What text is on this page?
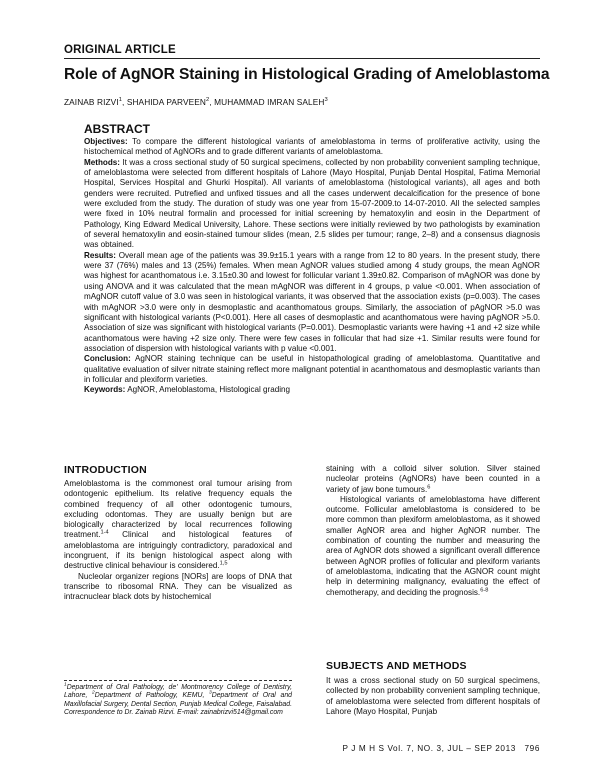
ORIGINAL ARTICLE
Role of AgNOR Staining in Histological Grading of Ameloblastoma
ZAINAB RIZVI$^1$, SHAHIDA PARVEEN$^2$, MUHAMMAD IMRAN SALEH$^3$
ABSTRACT

Objectives: To compare the different histological variants of ameloblastoma in terms of proliferative activity, using the histochemical method of AgNORs and to grade different variants of ameloblastoma.

Methods: It was a cross sectional study of 50 surgical specimens, collected by non probability convenient sampling technique, of ameloblastoma were selected from different hospitals of Lahore (Mayo Hospital, Punjab Dental Hospital, Fatima Memorial Hospital, Services Hospital and Ghurki Hospital). All variants of ameloblastoma (histological variants), all ages and both genders were recruited. Putrefied and unfixed tissues and all the cases underwent decalcification for the presence of bone were excluded from the study. The duration of study was one year from 15-07-2009.to 14-07-2010. All the selected samples were fixed in 10% neutral formalin and processed for initial screening by hematoxylin and eosin in the Department of Pathology, King Edward Medical University, Lahore. These sections were initially reviewed by two pathologists by examination of several hematoxylin and eosin-stained tumour slides (mean, 2.5 slides per tumour; range, 2–8) and a consensus diagnosis was obtained.

Results: Overall mean age of the patients was 39.9±15.1 years with a range from 12 to 80 years. In the present study, there were 37 (76%) males and 13 (25%) females. When mean AgNOR values studied among 4 study groups, the mean AgNOR was highest for acanthomatous i.e. 3.15±0.30 and lowest for follicular variant 1.39±0.82. Comparison of mAgNOR was done by using ANOVA and it was calculated that the mean mAgNOR was different in 4 groups, p value <0.001. When association of mAgNOR cutoff value of 3.0 was seen in histological variants, it was observed that the association exists (p=0.003). The cases with mAgNOR >3.0 were only in desmoplastic and acanthomatous groups. Similarly, the association of pAgNOR >5.0 was significant with histological variants (P<0.001). Here all cases of desmoplastic and acanthomatous were having pAgNOR >5.0. Association of size was significant with histological variants (P=0.001). Desmoplastic variants were having +1 and +2 size while acanthomatous were having +2 size only. There were few cases in follicular that had size +1. Similar results were found for association of dispersion with histological variants with p value <0.001.

Conclusion: AgNOR staining technique can be useful in histopathological grading of ameloblastoma. Quantitative and qualitative evaluation of silver nitrate staining reflect more malignant potential in acanthomatous and desmoplastic variants than in follicular and plexiform varieties.

Keywords: AgNOR, Ameloblastoma, Histological grading

INTRODUCTION

Ameloblastoma is the commonest oral tumour arising from odontogenic epithelium. Its relative frequency equals the combined frequency of all other odontogenic tumours, excluding odontomas. They are usually benign but are biologically characterized by local recurrences following treatment.$^{1-4}$ Clinical and histological features of ameloblastoma are intriguingly contradictory, paradoxical and incongruent, if its benign histological aspect along with destructive clinical behaviour is considered.$^{1,5}$

Nucleolar organizer regions [NORs] are loops of DNA that transcribe to ribosomal RNA. They can be visualized as intracnuclear black dots by histochemical

$^1$Department of Oral Pathology, de' Montmorency College of Dentistry, Lahore, $^2$Department of Pathology, KEMU, $^3$Department of Oral and Maxillofacial Surgery, Dental Section, Punjab Medical College, Faisalabad. Correspondence to Dr. Zainab Rizvi. E-mail: zainabrizvi514@gmail.com

staining with a colloid silver solution. Silver stained nucleolar proteins (AgNORs) have been counted in a variety of jaw bone tumours.$^6$

Histological variants of ameloblastoma have different outcome. Follicular ameloblastoma is considered to be more common than plexiform ameloblastoma, as it showed smaller AgNOR area and higher AgNOR number. The combination of counting the number and measuring the area of AgNOR dots showed a significant overall difference between AgNOR profiles of follicular and plexiform variants of ameloblastoma, indicating that the AGNOR count might help in determining malignancy, evaluating the effect of chemotherapy, and deciding the prognosis.$^{6-8}$

SUBJECTS AND METHODS
It was a cross sectional study on 50 surgical specimens, collected by non probability convenient sampling technique, of ameloblastoma were selected from different hospitals of Lahore (Mayo Hospital, Punjab
P J M H S Vol. 7, NO. 3, JUL – SEP 2013 796
